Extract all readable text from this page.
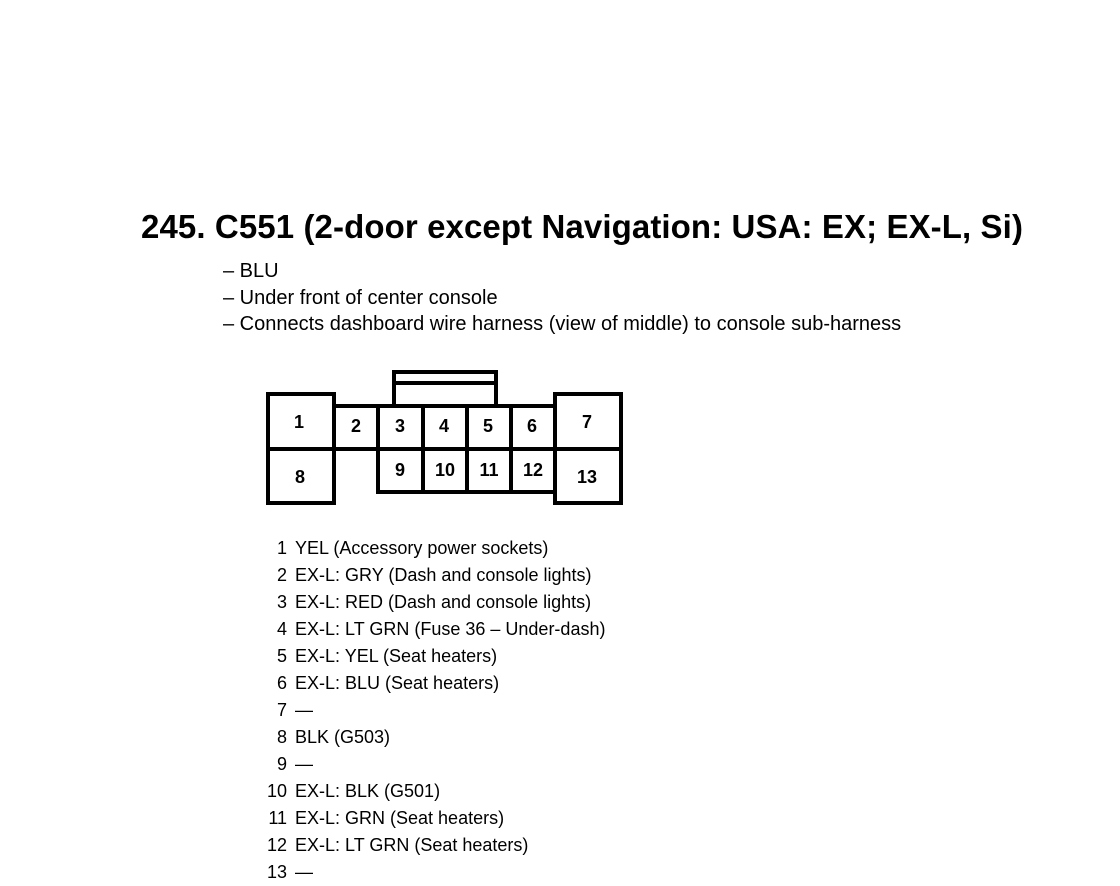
245. C551 (2-door except Navigation: USA: EX; EX-L, Si)
– BLU
– Under front of center console
– Connects dashboard wire harness (view of middle) to console sub-harness
1	2 3 4 5 6 7
8	9 10 11 12 13
1 YEL (Accessory power sockets)
2 EX-L: GRY (Dash and console lights)
3 EX-L: RED (Dash and console lights)
4 EX-L: LT GRN (Fuse 36 – Under-dash)
5 EX-L: YEL (Seat heaters)
6 EX-L: BLU (Seat heaters)
7 —
8 BLK (G503)
9 —
10 EX-L: BLK (G501)
11 EX-L: GRN (Seat heaters)
12 EX-L: LT GRN (Seat heaters)
13 —
